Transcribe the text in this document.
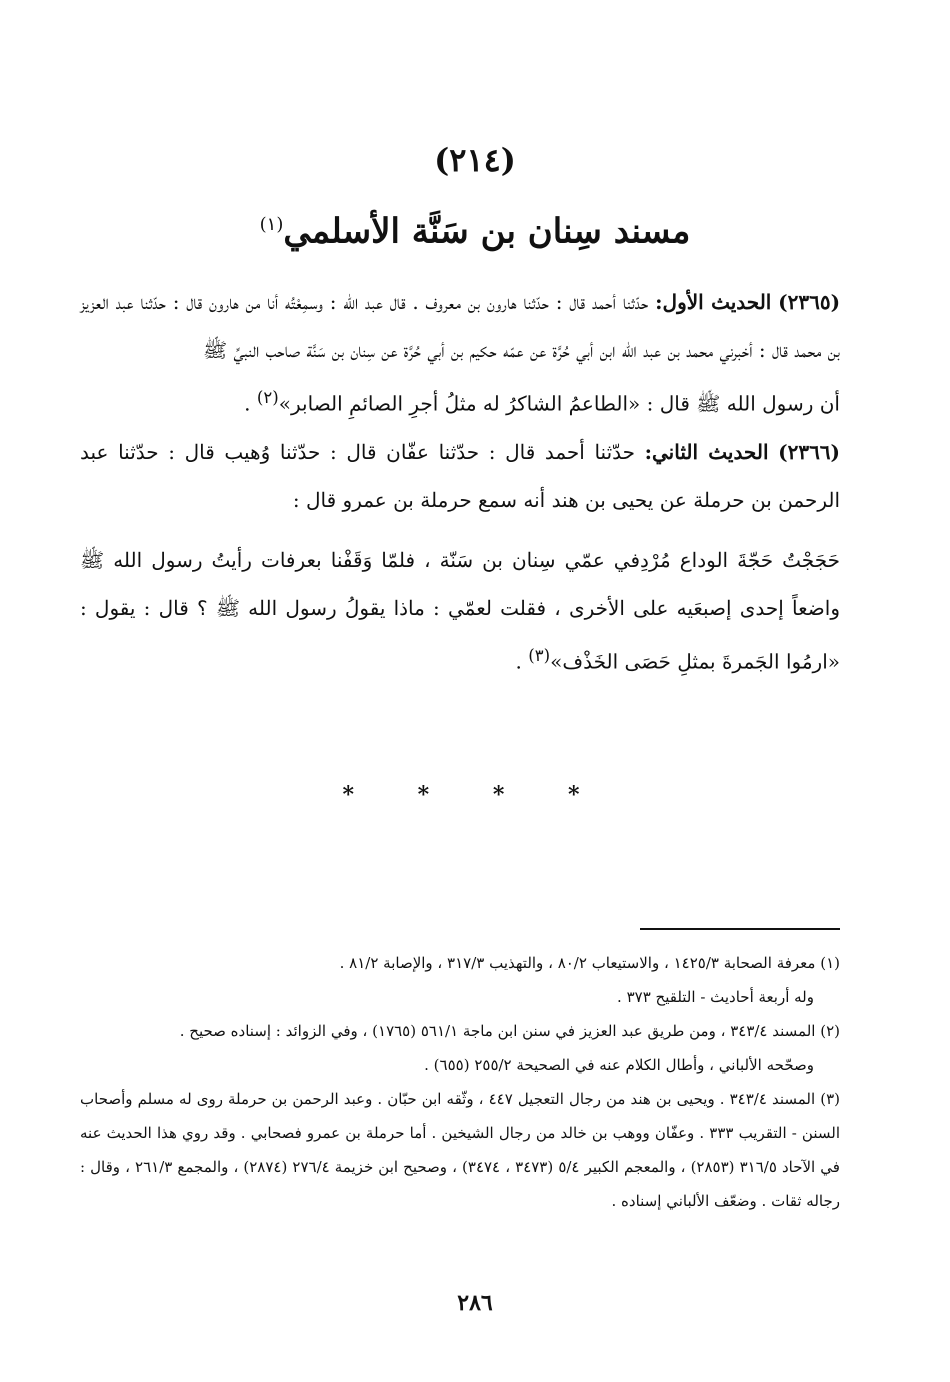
(٢١٤)
مسند سِنان بن سَنَّة الأسلمي$^{(١)}$

(٢٣٦٥) الحديث الأول: حدّثنا أحمد قال : حدّثنا هارون بن معروف . قال عبد الله : وسمِعْتُه أنا من هارون قال : حدّثنا عبد العزيز بن محمد قال : أخبرني محمد بن عبد الله ابن أبي حُرَّة عن عمّه حكيم بن أبي حُرَّة عن سِنان بن سَنَّة صاحب النبيِّ ﷺ

أن رسول الله ﷺ قال : «الطاعمُ الشاكرُ له مثلُ أجرِ الصائمِ الصابر»$^{(٢)}$ .

(٢٣٦٦) الحديث الثاني: حدّثنا أحمد قال : حدّثنا عفّان قال : حدّثنا وُهيب قال : حدّثنا عبد الرحمن بن حرملة عن يحيى بن هند أنه سمع حرملة بن عمرو قال :

حَجَجْتُ حَجّةَ الوداع مُرْدِفي عمّي سِنان بن سَنّة ، فلمّا وَقَفْنا بعرفات رأيتُ رسول الله ﷺ واضعاً إحدى إصبعَيه على الأخرى ، فقلت لعمّي : ماذا يقولُ رسول الله ﷺ ؟ قال : يقول : «ارمُوا الجَمرةَ بمثلِ حَصَى الخَذْف»$^{(٣)}$ .

* * * *

(١) معرفة الصحابة ١٤٢٥/٣ ، والاستيعاب ٨٠/٢ ، والتهذيب ٣١٧/٣ ، والإصابة ٨١/٢ .

وله أربعة أحاديث - التلقيح ٣٧٣ .

(٢) المسند ٣٤٣/٤ ، ومن طريق عبد العزيز في سنن ابن ماجة ٥٦١/١ (١٧٦٥) ، وفي الزوائد : إسناده صحيح .

وصحّحه الألباني ، وأطال الكلام عنه في الصحيحة ٢٥٥/٢ (٦٥٥) .

(٣) المسند ٣٤٣/٤ . ويحيى بن هند من رجال التعجيل ٤٤٧ ، وثّقه ابن حبّان . وعبد الرحمن بن حرملة روى له مسلم وأصحاب السنن - التقريب ٣٣٣ . وعفّان ووهب بن خالد من رجال الشيخين . أما حرملة بن عمرو فصحابي . وقد روي هذا الحديث عنه في الآحاد ٣١٦/٥ (٢٨٥٣) ، والمعجم الكبير ٥/٤ (٣٤٧٣ ، ٣٤٧٤) ، وصحيح ابن خزيمة ٢٧٦/٤ (٢٨٧٤) ، والمجمع ٢٦١/٣ ، وقال : رجاله ثقات . وضعّف الألباني إسناده .

٢٨٦
